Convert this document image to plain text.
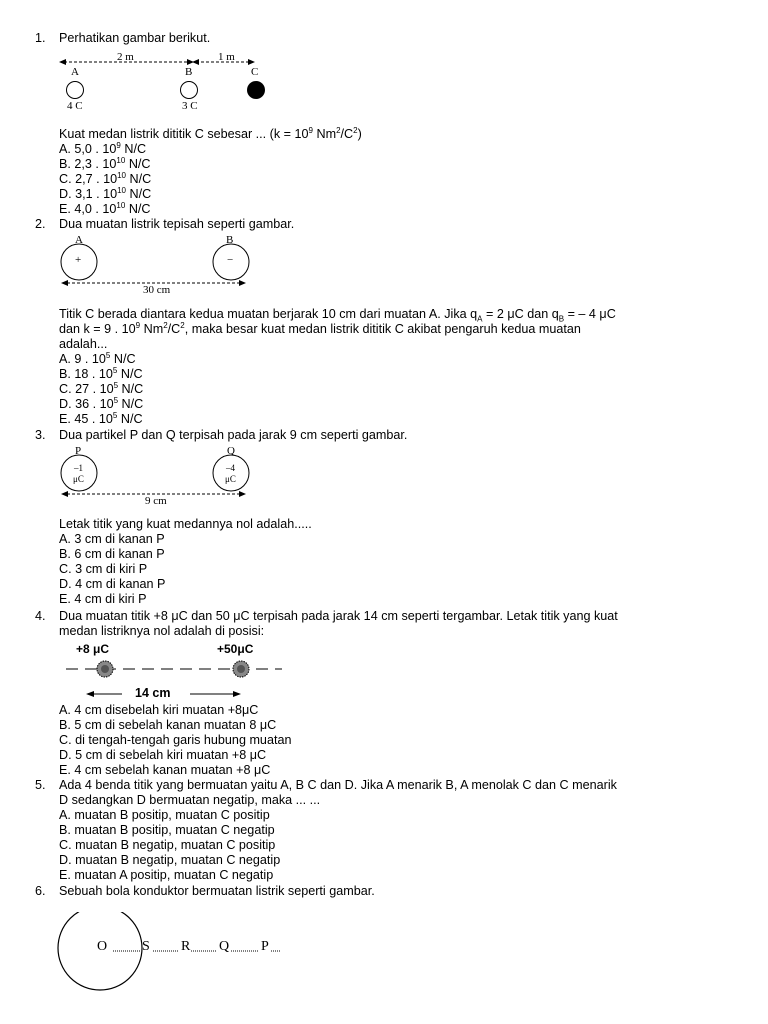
1. Perhatikan gambar berikut.
2 m	1 m
A	B	C
4 C	3 C
Kuat medan listrik dititik C sebesar ... ($k = 10^9$ $Nm^2/C^2$)
A. 5,0 . $10^9$ N/C
B. 2,3 . $10^{10}$ N/C
C. 2,7 . $10^{10}$ N/C
D. 3,1 . $10^{10}$ N/C
E. 4,0 . $10^{10}$ N/C
2. Dua muatan listrik tepisah seperti gambar.
A	B
+	−
30 cm
Titik C berada diantara kedua muatan berjarak 10 cm dari muatan A. Jika $q_A = 2$ μC dan $q_B$ = – 4 μC
dan k = 9 . $10^9$ $Nm^2/C^2$, maka besar kuat medan listrik dititik C akibat pengaruh kedua muatan
adalah...
A. 9 . $10^5$ N/C
B. 18 . $10^5$ N/C
C. 27 . $10^5$ N/C
D. 36 . $10^5$ N/C
E. 45 . $10^5$ N/C
3. Dua partikel P dan Q terpisah pada jarak 9 cm seperti gambar.
P	Q
–1
μC
–4
μC
9 cm
Letak titik yang kuat medannya nol adalah.....
A. 3 cm di kanan P
B. 6 cm di kanan P
C. 3 cm di kiri P
D. 4 cm di kanan P
E. 4 cm di kiri P
4. Dua muatan titik +8 μC dan 50 μC terpisah pada jarak 14 cm seperti tergambar. Letak titik yang kuat
medan listriknya nol adalah di posisi:
+8 μC	+50μC
14 cm
A. 4 cm disebelah kiri muatan +8μC
B. 5 cm di sebelah kanan muatan 8 μC
C. di tengah-tengah garis hubung muatan
D. 5 cm di sebelah kiri muatan +8 μC
E. 4 cm sebelah kanan muatan +8 μC
5. Ada 4 benda titik yang bermuatan yaitu A, B C dan D. Jika A menarik B, A menolak C dan C menarik
D sedangkan D bermuatan negatip, maka ... ...
A. muatan B positip, muatan C positip
B. muatan B positip, muatan C negatip
C. muatan B negatip, muatan C positip
D. muatan B negatip, muatan C negatip
E. muatan A positip, muatan C negatip
6. Sebuah bola konduktor bermuatan listrik seperti gambar.
O S R Q P
